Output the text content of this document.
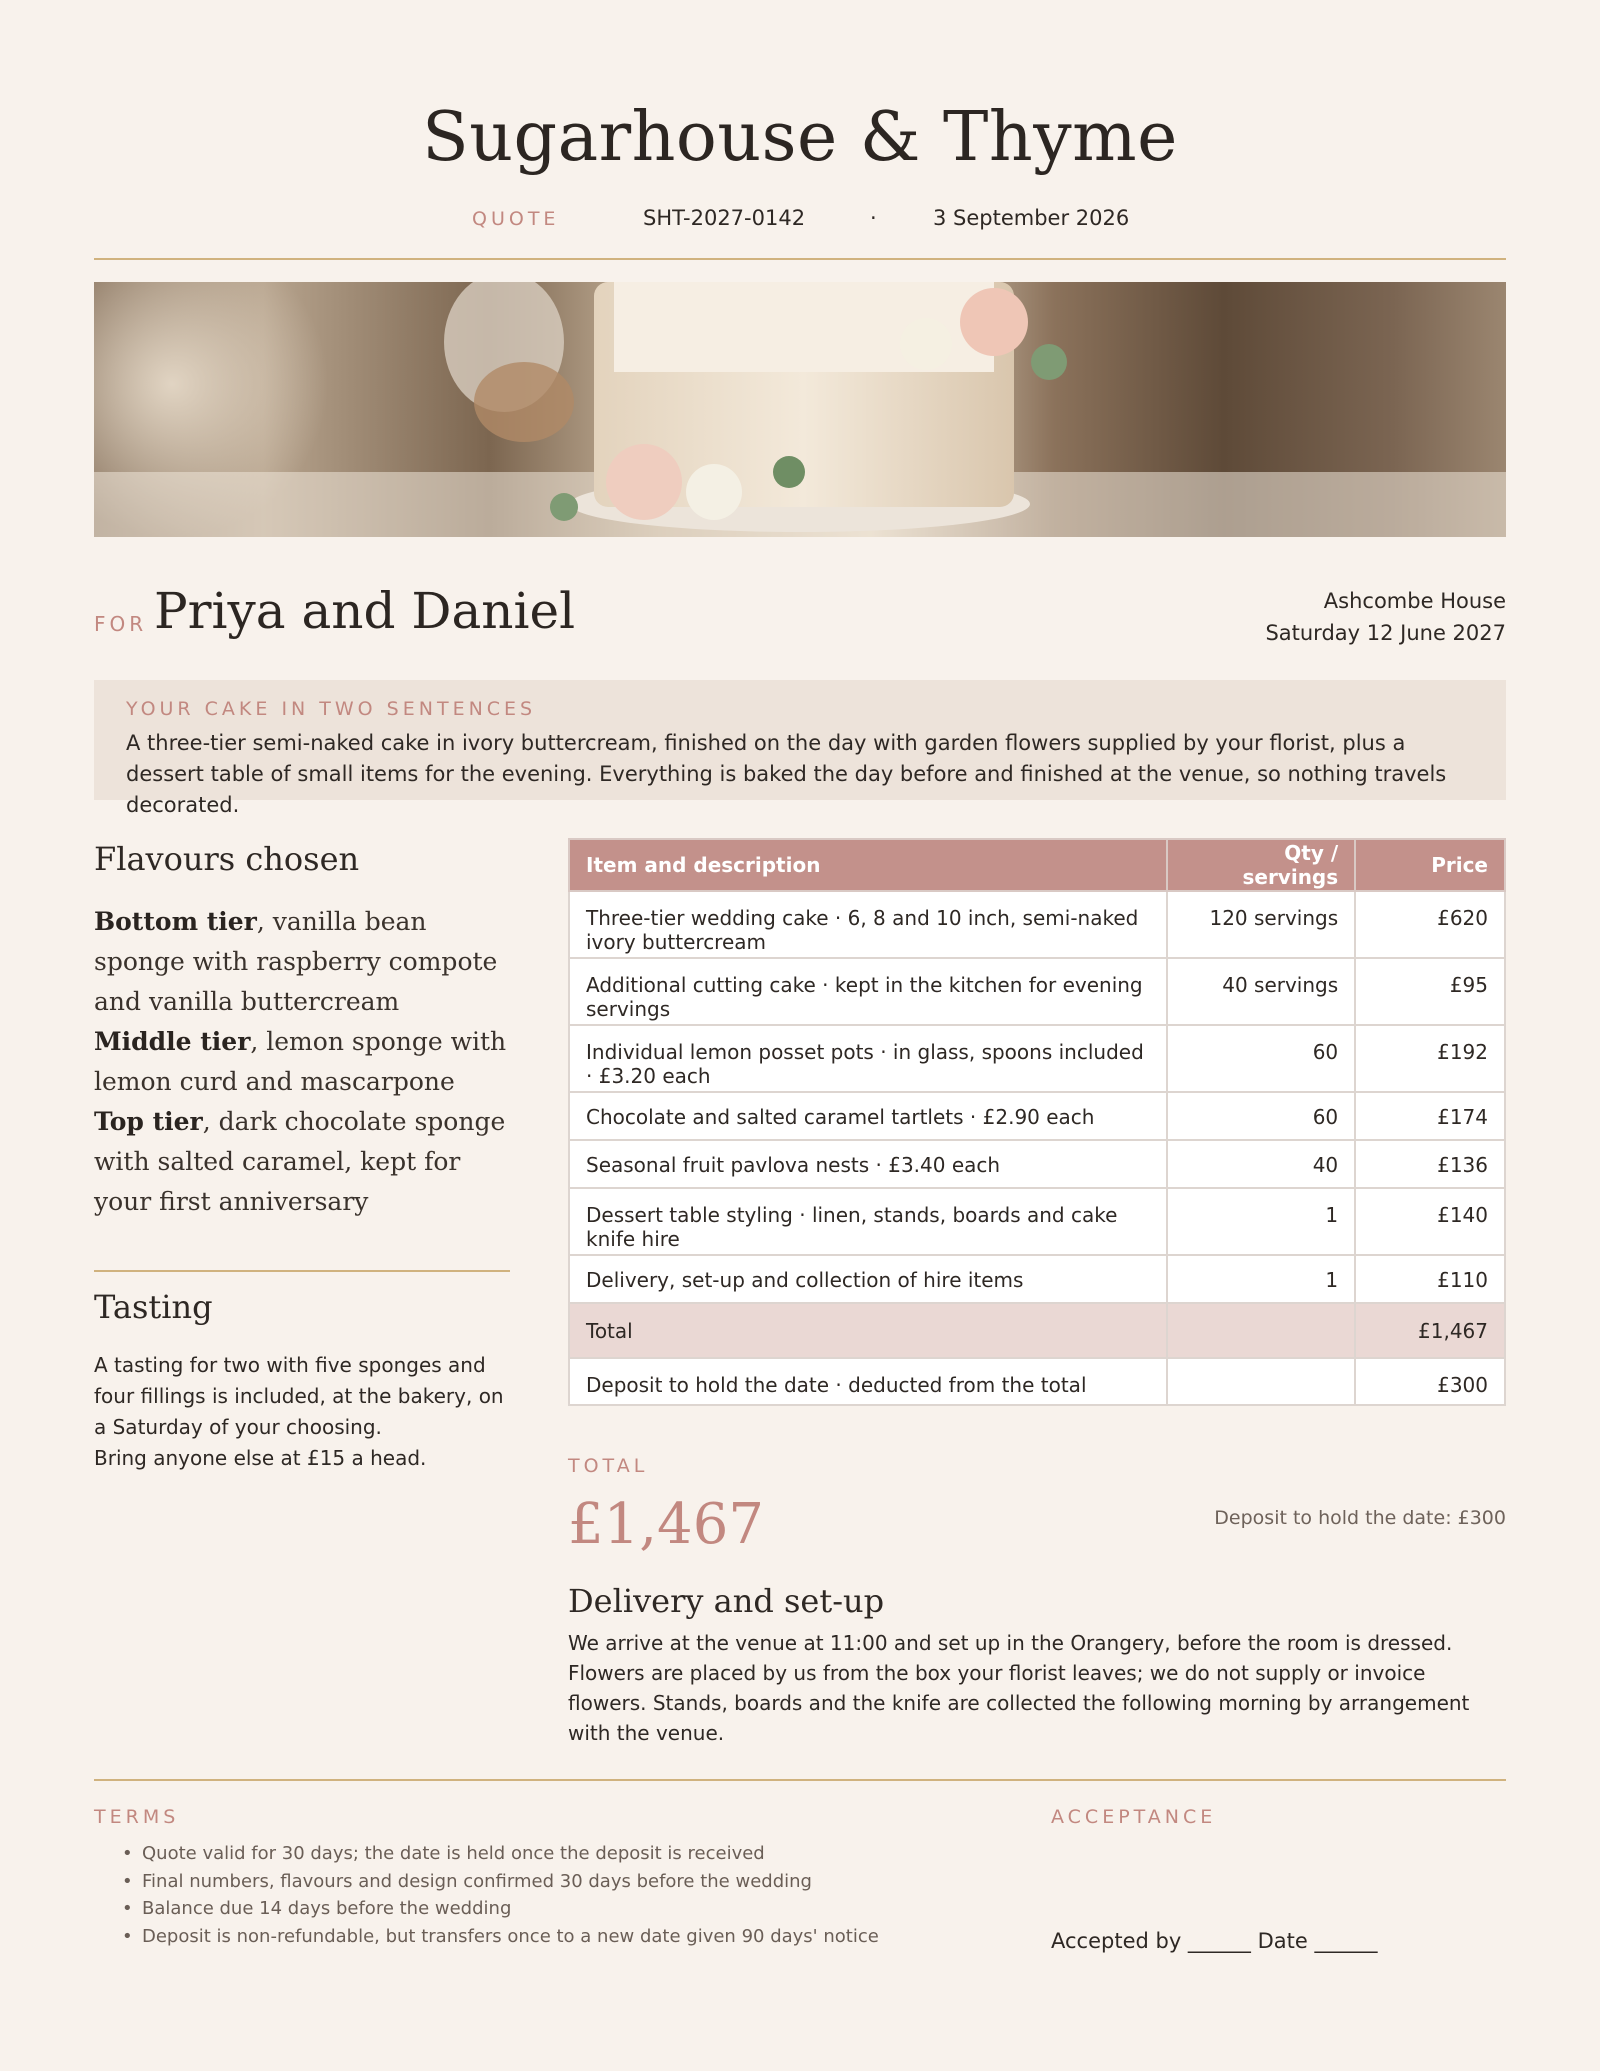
Sugarhouse & Thyme
QUOTE	SHT-2027-0142	·	3 September 2026
FOR Priya and Daniel	Ashcombe House
Saturday 12 June 2027
YOUR CAKE IN TWO SENTENCES
A three-tier semi-naked cake in ivory buttercream, finished on the day with garden flowers supplied by your florist, plus a dessert table of small items for the evening. Everything is baked the day before and finished at the venue, so nothing travels decorated.
Flavours chosen
Bottom tier, vanilla bean sponge with raspberry compote and vanilla buttercream
Middle tier, lemon sponge with lemon curd and mascarpone
Top tier, dark chocolate sponge with salted caramel, kept for your first anniversary
Tasting
A tasting for two with five sponges and four fillings is included, at the bakery, on a Saturday of your choosing.
Bring anyone else at £15 a head.
Item and description	Qty / servings	Price
Three-tier wedding cake · 6, 8 and 10 inch, semi-naked ivory buttercream	120 servings	£620
Additional cutting cake · kept in the kitchen for evening servings	40 servings	£95
Individual lemon posset pots · in glass, spoons included · £3.20 each	60	£192
Chocolate and salted caramel tartlets · £2.90 each	60	£174
Seasonal fruit pavlova nests · £3.40 each	40	£136
Dessert table styling · linen, stands, boards and cake knife hire	1	£140
Delivery, set-up and collection of hire items	1	£110
Total		£1,467
Deposit to hold the date · deducted from the total		£300
TOTAL
£1,467	Deposit to hold the date: £300
Delivery and set-up
We arrive at the venue at 11:00 and set up in the Orangery, before the room is dressed. Flowers are placed by us from the box your florist leaves; we do not supply or invoice flowers. Stands, boards and the knife are collected the following morning by arrangement with the venue.
TERMS
• Quote valid for 30 days; the date is held once the deposit is received
• Final numbers, flavours and design confirmed 30 days before the wedding
• Balance due 14 days before the wedding
• Deposit is non-refundable, but transfers once to a new date given 90 days' notice
ACCEPTANCE
Accepted by ______ Date ______
